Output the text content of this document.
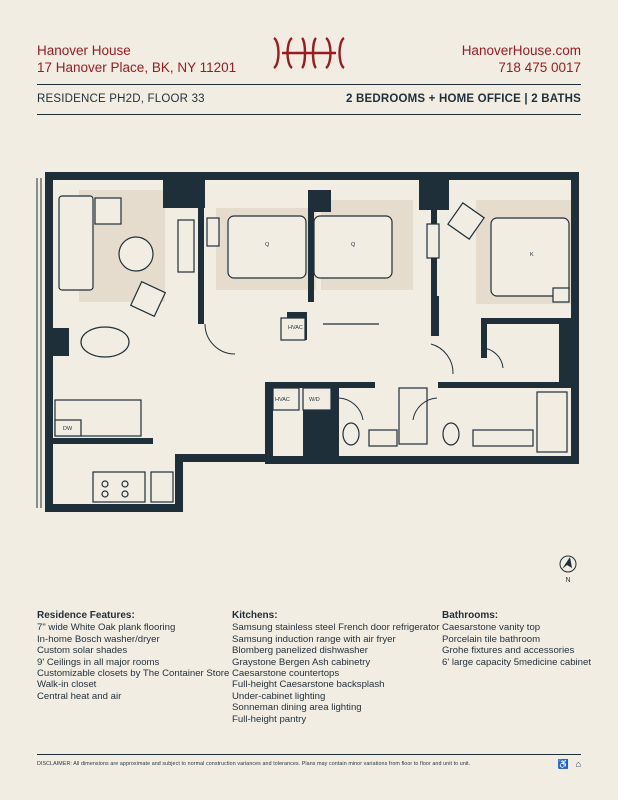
Hanover House
17 Hanover Place, BK, NY 11201
HanoverHouse.com
718 475 0017
RESIDENCE PH2D, FLOOR 33	2 BEDROOMS + HOME OFFICE | 2 BATHS
HVAC
HVAC	W/D
DW
Q	Q
K
N
Residence Features:
7" wide White Oak plank flooring
In-home Bosch washer/dryer
Custom solar shades
9' Ceilings in all major rooms
Customizable closets by The Container Store
Walk-in closet
Central heat and air
Kitchens:
Samsung stainless steel French door refrigerator
Samsung induction range with air fryer
Blomberg panelized dishwasher
Graystone Bergen Ash cabinetry
Caesarstone countertops
Full-height Caesarstone backsplash
Under-cabinet lighting
Sonneman dining area lighting
Full-height pantry
Bathrooms:
Caesarstone vanity top
Porcelain tile bathroom
Grohe fixtures and accessories
6' large capacity 5medicine cabinet
DISCLAIMER: All dimensions are approximate and subject to normal construction variances and tolerances. Plans may contain minor variations from floor to floor and unit to unit.	♿ ⌂
